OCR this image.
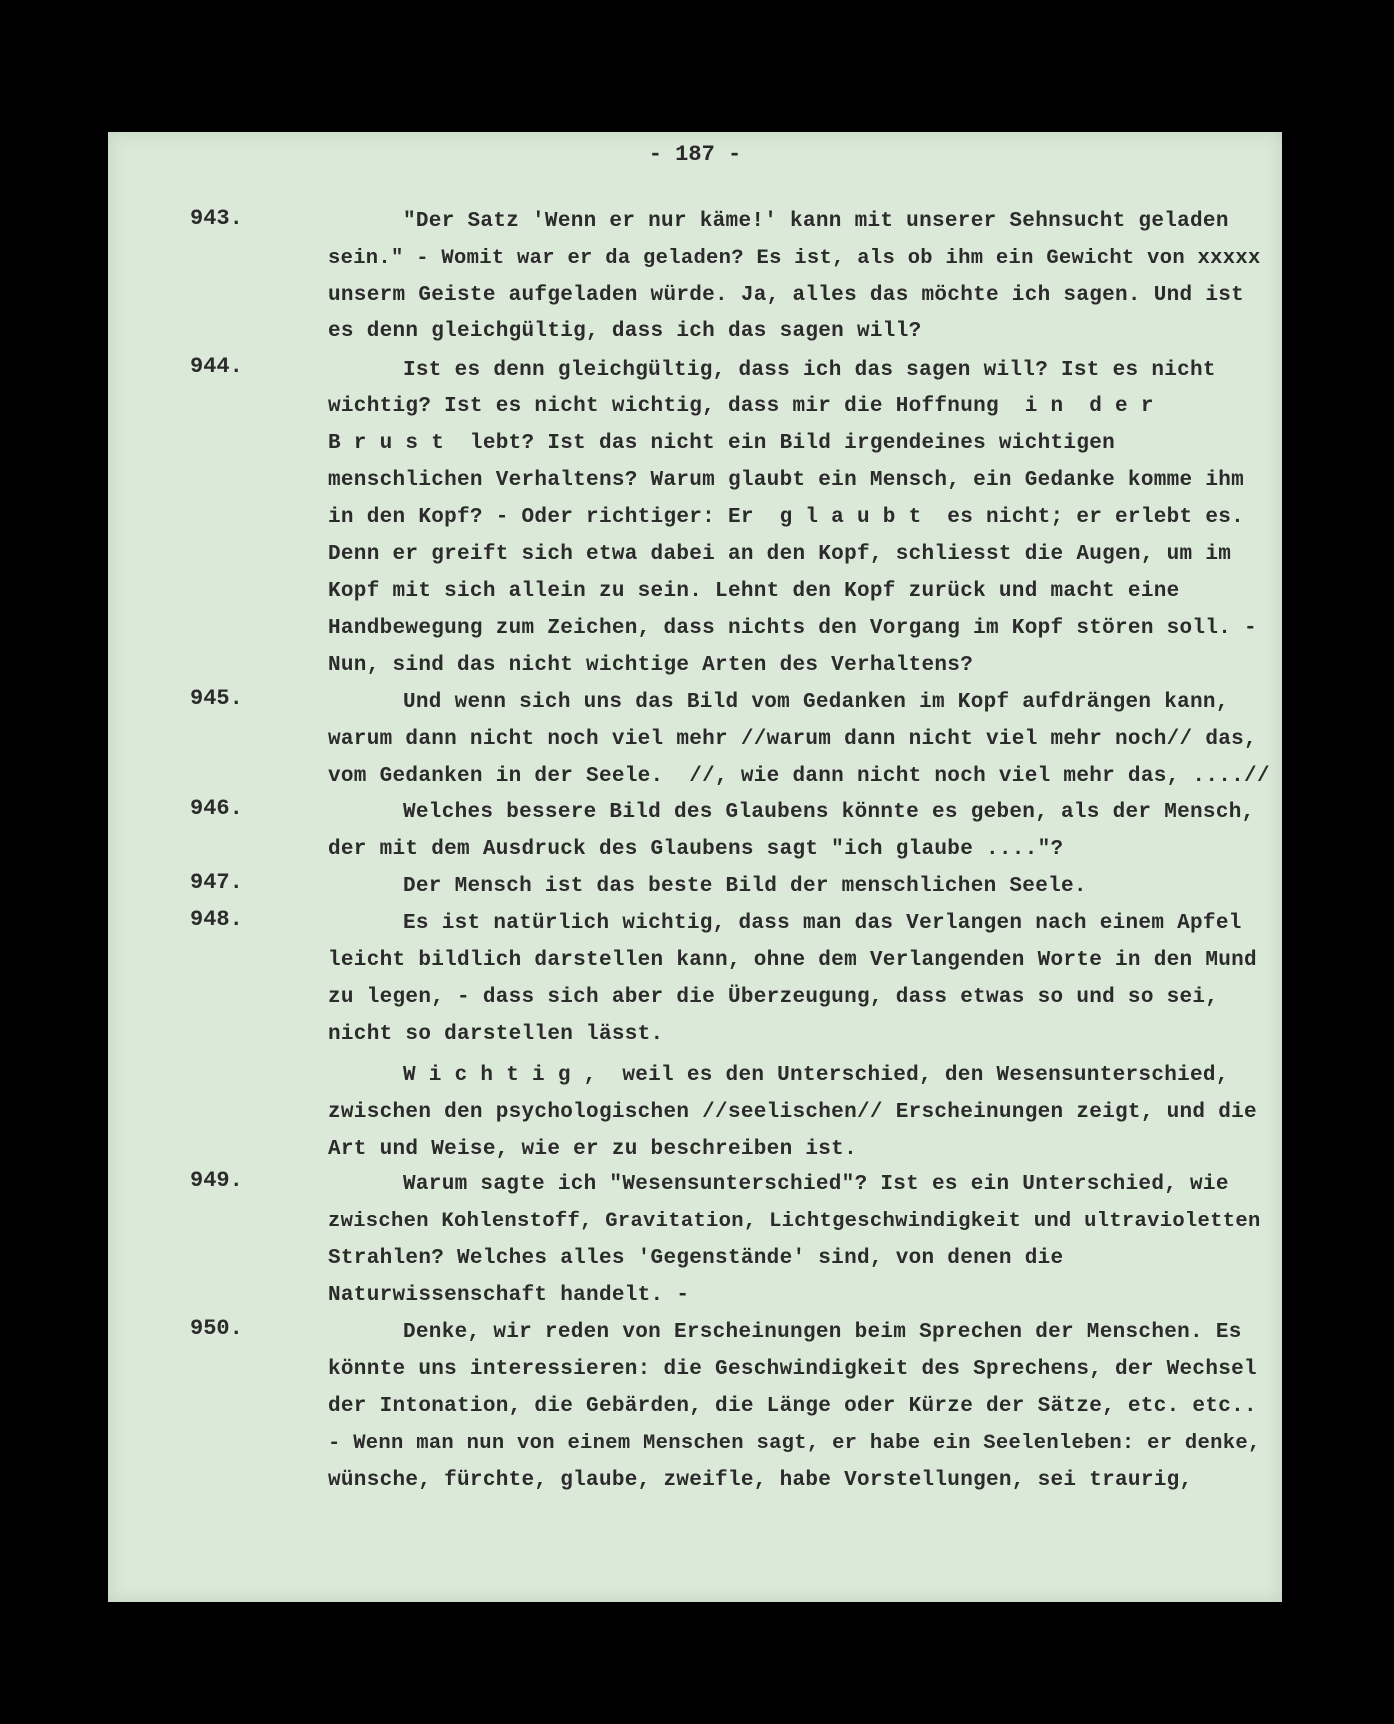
- 187 -
943.	"Der Satz 'Wenn er nur käme!' kann mit unserer Sehnsucht geladen
sein." - Womit war er da geladen? Es ist, als ob ihm ein Gewicht von xxxxx
unserm Geiste aufgeladen würde. Ja, alles das möchte ich sagen. Und ist
es denn gleichgültig, dass ich das sagen will?
944.	Ist es denn gleichgültig, dass ich das sagen will? Ist es nicht
wichtig? Ist es nicht wichtig, dass mir die Hoffnung  i n  d e r
B r u s t  lebt? Ist das nicht ein Bild irgendeines wichtigen
menschlichen Verhaltens? Warum glaubt ein Mensch, ein Gedanke komme ihm
in den Kopf? - Oder richtiger: Er  g l a u b t  es nicht; er erlebt es.
Denn er greift sich etwa dabei an den Kopf, schliesst die Augen, um im
Kopf mit sich allein zu sein. Lehnt den Kopf zurück und macht eine
Handbewegung zum Zeichen, dass nichts den Vorgang im Kopf stören soll. -
Nun, sind das nicht wichtige Arten des Verhaltens?
945.	Und wenn sich uns das Bild vom Gedanken im Kopf aufdrängen kann,
warum dann nicht noch viel mehr //warum dann nicht viel mehr noch// das,
vom Gedanken in der Seele.  //, wie dann nicht noch viel mehr das, ....//
946.	Welches bessere Bild des Glaubens könnte es geben, als der Mensch,
der mit dem Ausdruck des Glaubens sagt "ich glaube ...."?
947.	Der Mensch ist das beste Bild der menschlichen Seele.
948.	Es ist natürlich wichtig, dass man das Verlangen nach einem Apfel
leicht bildlich darstellen kann, ohne dem Verlangenden Worte in den Mund
zu legen, - dass sich aber die Überzeugung, dass etwas so und so sei,
nicht so darstellen lässt.
W i c h t i g ,  weil es den Unterschied, den Wesensunterschied,
zwischen den psychologischen //seelischen// Erscheinungen zeigt, und die
Art und Weise, wie er zu beschreiben ist.
949.	Warum sagte ich "Wesensunterschied"? Ist es ein Unterschied, wie
zwischen Kohlenstoff, Gravitation, Lichtgeschwindigkeit und ultravioletten
Strahlen? Welches alles 'Gegenstände' sind, von denen die
Naturwissenschaft handelt. -
950.	Denke, wir reden von Erscheinungen beim Sprechen der Menschen. Es
könnte uns interessieren: die Geschwindigkeit des Sprechens, der Wechsel
der Intonation, die Gebärden, die Länge oder Kürze der Sätze, etc. etc..
- Wenn man nun von einem Menschen sagt, er habe ein Seelenleben: er denke,
wünsche, fürchte, glaube, zweifle, habe Vorstellungen, sei traurig,
